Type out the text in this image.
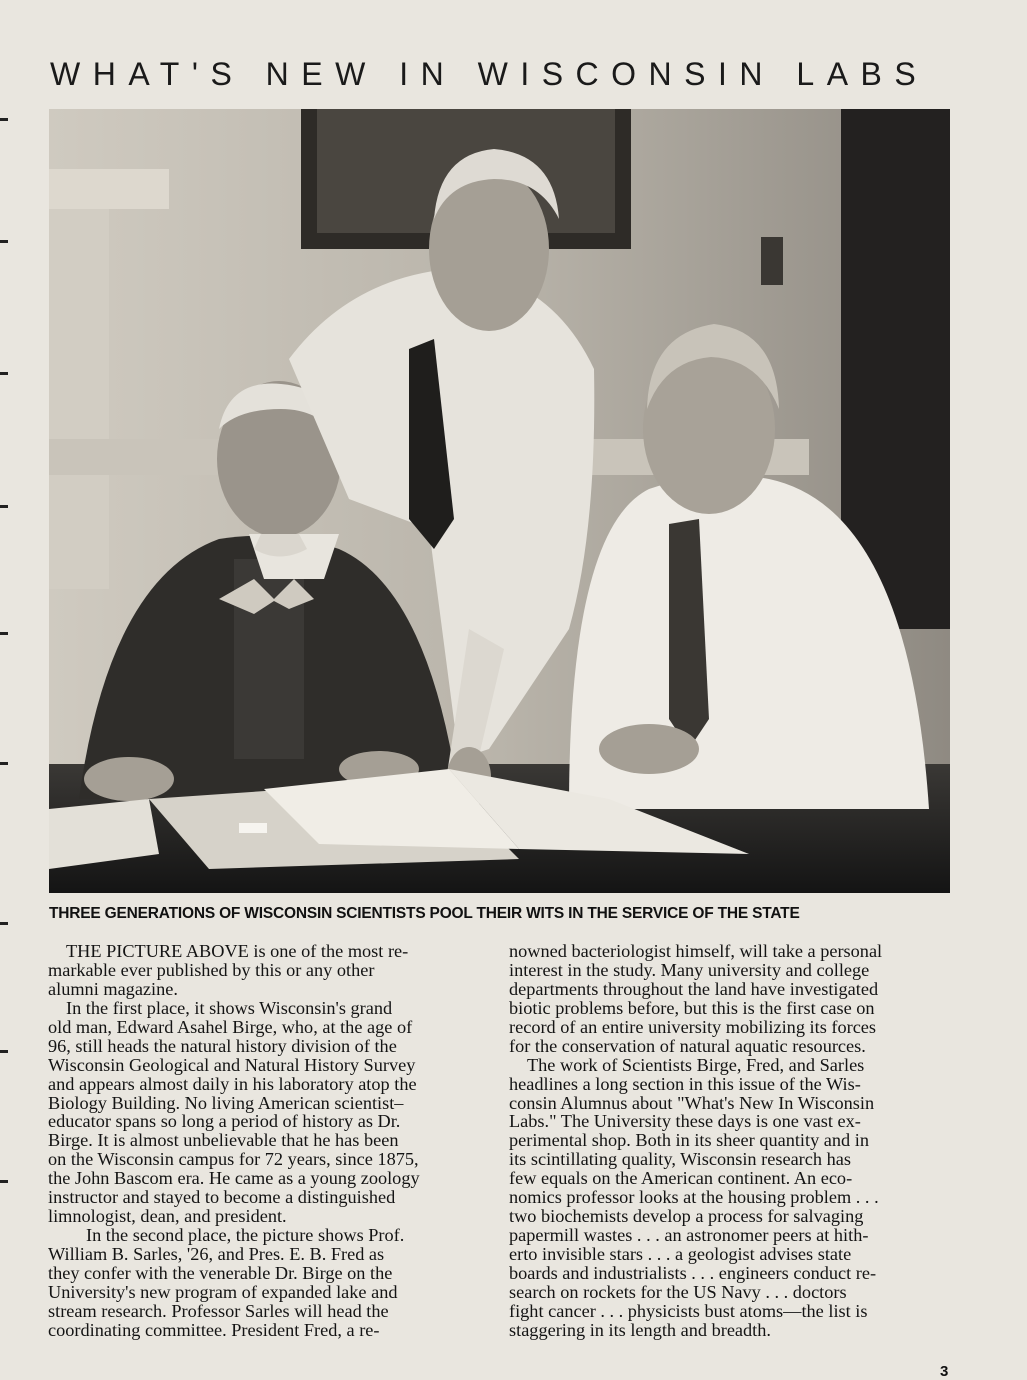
WHAT'S NEW IN WISCONSIN LABS
THREE GENERATIONS OF WISCONSIN SCIENTISTS POOL THEIR WITS IN THE SERVICE OF THE STATE
THE PICTURE ABOVE is one of the most re-
markable ever published by this or any other
alumni magazine.
In the first place, it shows Wisconsin's grand
old man, Edward Asahel Birge, who, at the age of
96, still heads the natural history division of the
Wisconsin Geological and Natural History Survey
and appears almost daily in his laboratory atop the
Biology Building. No living American scientist–
educator spans so long a period of history as Dr.
Birge. It is almost unbelievable that he has been
on the Wisconsin campus for 72 years, since 1875,
the John Bascom era. He came as a young zoology
instructor and stayed to become a distinguished
limnologist, dean, and president.
In the second place, the picture shows Prof.
William B. Sarles, '26, and Pres. E. B. Fred as
they confer with the venerable Dr. Birge on the
University's new program of expanded lake and
stream research. Professor Sarles will head the
coordinating committee. President Fred, a re-
nowned bacteriologist himself, will take a personal
interest in the study. Many university and college
departments throughout the land have investigated
biotic problems before, but this is the first case on
record of an entire university mobilizing its forces
for the conservation of natural aquatic resources.
The work of Scientists Birge, Fred, and Sarles
headlines a long section in this issue of the Wis-
consin Alumnus about "What's New In Wisconsin
Labs." The University these days is one vast ex-
perimental shop. Both in its sheer quantity and in
its scintillating quality, Wisconsin research has
few equals on the American continent. An eco-
nomics professor looks at the housing problem . . .
two biochemists develop a process for salvaging
papermill wastes . . . an astronomer peers at hith-
erto invisible stars . . . a geologist advises state
boards and industrialists . . . engineers conduct re-
search on rockets for the US Navy . . . doctors
fight cancer . . . physicists bust atoms—the list is
staggering in its length and breadth.
3
